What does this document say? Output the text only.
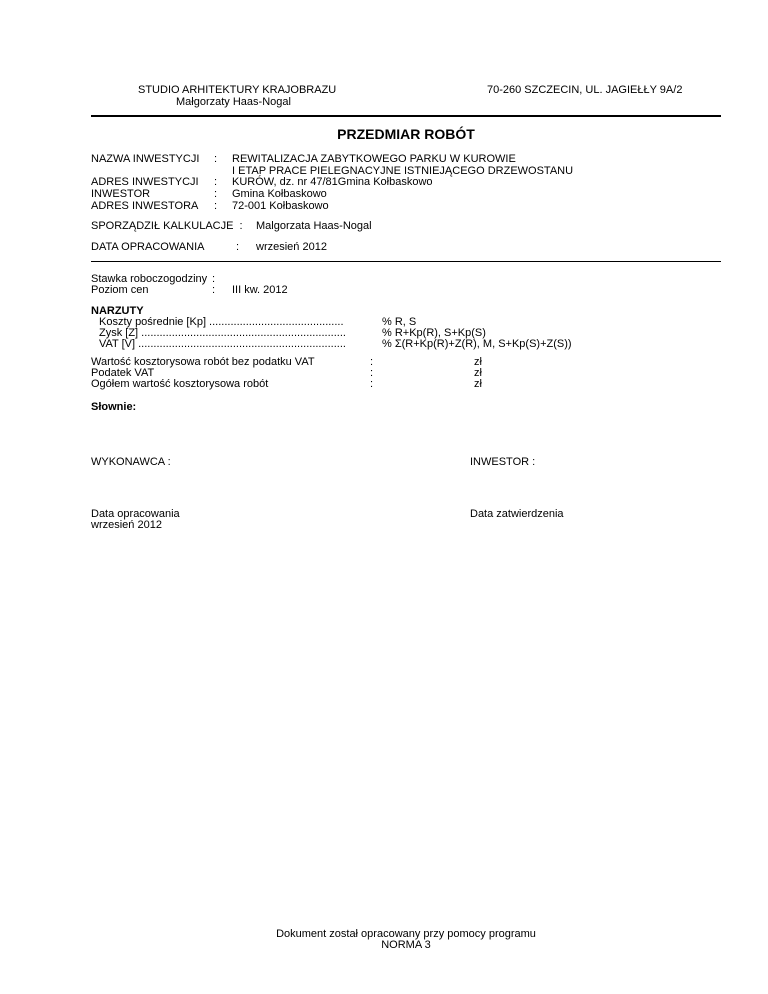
STUDIO ARHITEKTURY KRAJOBRAZU
Małgorzaty Haas-Nogal
70-260 SZCZECIN, UL. JAGIEŁŁY 9A/2
PRZEDMIAR ROBÓT
NAZWA INWESTYCJI : REWITALIZACJA ZABYTKOWEGO PARKU W KUROWIE
I ETAP PRACE PIELEGNACYJNE ISTNIEJĄCEGO DRZEWOSTANU
ADRES INWESTYCJI : KURÓW, dz. nr 47/81Gmina Kołbaskowo
INWESTOR	: Gmina Kołbaskowo
ADRES INWESTORA : 72-001 Kołbaskowo
SPORZĄDZIŁ KALKULACJE  : Malgorzata Haas-Nogal
DATA OPRACOWANIA	: wrzesień 2012
Stawka roboczogodziny :
Poziom cen	: III kw. 2012
NARZUTY
Koszty pośrednie [Kp] ............................................	% R, S
Zysk [Z] ...................................................................	% R+Kp(R), S+Kp(S)
VAT [V] ....................................................................	% Σ(R+Kp(R)+Z(R), M, S+Kp(S)+Z(S))
Wartość kosztorysowa robót bez podatku VAT	:	zł
Podatek VAT	:	zł
Ogółem wartość kosztorysowa robót	:	zł
Słownie:
WYKONAWCA :	INWESTOR :
Data opracowania
wrzesień 2012
Data zatwierdzenia
Dokument został opracowany przy pomocy programu
NORMA 3
